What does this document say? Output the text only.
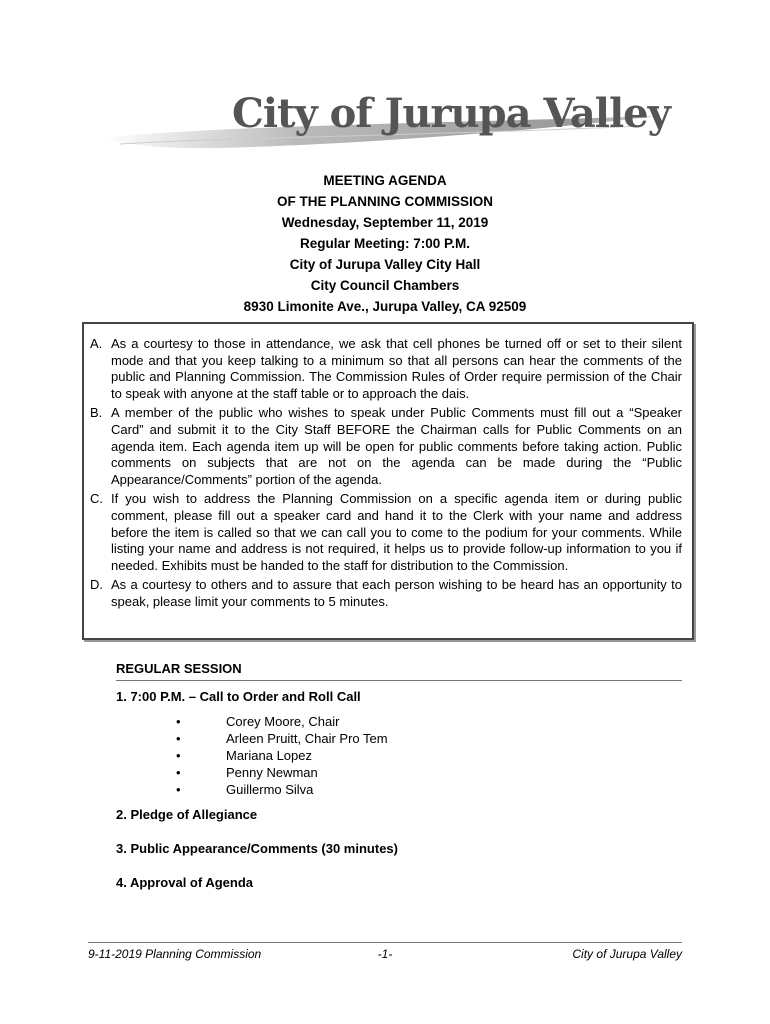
City of Jurupa Valley
MEETING AGENDA
OF THE PLANNING COMMISSION
Wednesday, September 11, 2019
Regular Meeting: 7:00 P.M.
City of Jurupa Valley City Hall
City Council Chambers
8930 Limonite Ave., Jurupa Valley, CA 92509
A. As a courtesy to those in attendance, we ask that cell phones be turned off or set to their silent mode and that you keep talking to a minimum so that all persons can hear the comments of the public and Planning Commission. The Commission Rules of Order require permission of the Chair to speak with anyone at the staff table or to approach the dais.
B. A member of the public who wishes to speak under Public Comments must fill out a “Speaker Card” and submit it to the City Staff BEFORE the Chairman calls for Public Comments on an agenda item. Each agenda item up will be open for public comments before taking action. Public comments on subjects that are not on the agenda can be made during the “Public Appearance/Comments” portion of the agenda.
C. If you wish to address the Planning Commission on a specific agenda item or during public comment, please fill out a speaker card and hand it to the Clerk with your name and address before the item is called so that we can call you to come to the podium for your comments. While listing your name and address is not required, it helps us to provide follow-up information to you if needed. Exhibits must be handed to the staff for distribution to the Commission.
D. As a courtesy to others and to assure that each person wishing to be heard has an opportunity to speak, please limit your comments to 5 minutes.
REGULAR SESSION
1. 7:00 P.M. – Call to Order and Roll Call
•	Corey Moore, Chair
•	Arleen Pruitt, Chair Pro Tem
•	Mariana Lopez
•	Penny Newman
•	Guillermo Silva
2. Pledge of Allegiance
3. Public Appearance/Comments (30 minutes)
4. Approval of Agenda
9-11-2019 Planning Commission	-1-	City of Jurupa Valley
